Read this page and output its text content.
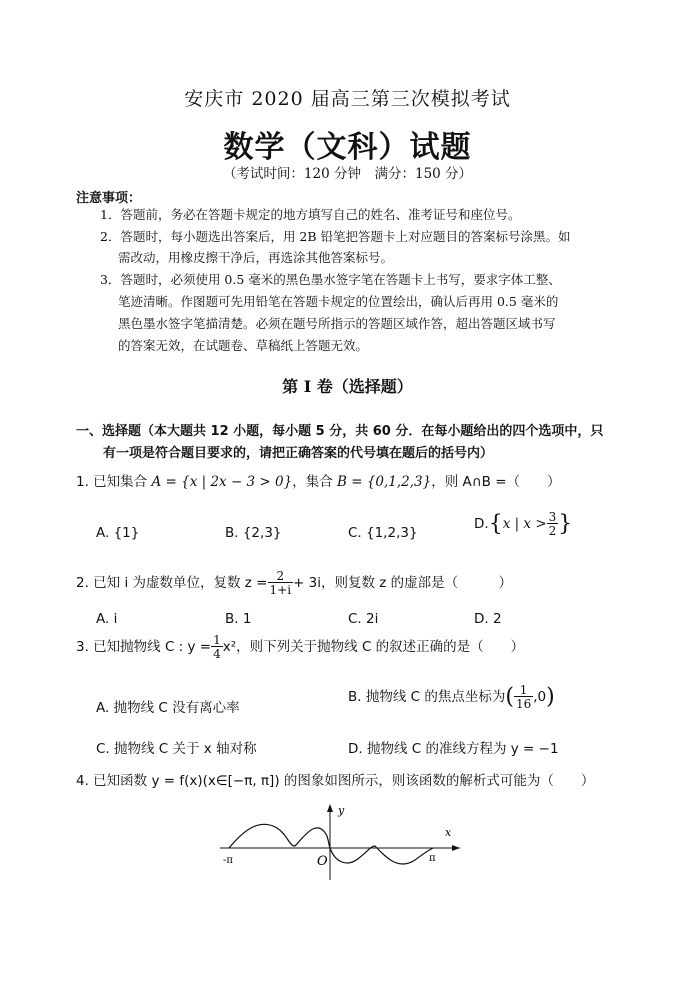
安庆市 2020 届高三第三次模拟考试
数学（文科）试题
（考试时间：120 分钟　满分：150 分）
注意事项：
1．答题前，务必在答题卡规定的地方填写自己的姓名、准考证号和座位号。
2．答题时，每小题选出答案后，用 2B 铅笔把答题卡上对应题目的答案标号涂黑。如
需改动，用橡皮擦干净后，再选涂其他答案标号。
3．答题时，必须使用 0.5 毫米的黑色墨水签字笔在答题卡上书写，要求字体工整、
笔迹清晰。作图题可先用铅笔在答题卡规定的位置绘出，确认后再用 0.5 毫米的
黑色墨水签字笔描清楚。必须在题号所指示的答题区域作答，超出答题区域书写
的答案无效，在试题卷、草稿纸上答题无效。
第 I 卷（选择题）
一、选择题（本大题共 12 小题，每小题 5 分，共 60 分．在每小题给出的四个选项中，只
有一项是符合题目要求的，请把正确答案的代号填在题后的括号内）
1. 已知集合 A = {x | 2x − 3 > 0}，集合 B = {0,1,2,3}，则 A∩B =（　　）
A. {1}	B. {2,3}	C. {1,2,3}
D.{x | $x > \frac{3}{2}$ }
2. 已知 i 为虚数单位，复数 $z = \frac{2}{1+i} + 3i$，则复数 z 的虚部是（　　　）
A. i	B. 1	C. 2i	D. 2
3. 已知抛物线 C : $y = \frac{1}{4} x^2$，则下列关于抛物线 C 的叙述正确的是（　　）
A. 抛物线 C 没有离心率
B. 抛物线 C 的焦点坐标为( $\frac{1}{16} ,0$)
C. 抛物线 C 关于 x 轴对称	D. 抛物线 C 的准线方程为 y = −1
4. 已知函数 y = f(x)(x∈[−π, π]) 的图象如图所示，则该函数的解析式可能为（　　）
y
x
O
-π	π
